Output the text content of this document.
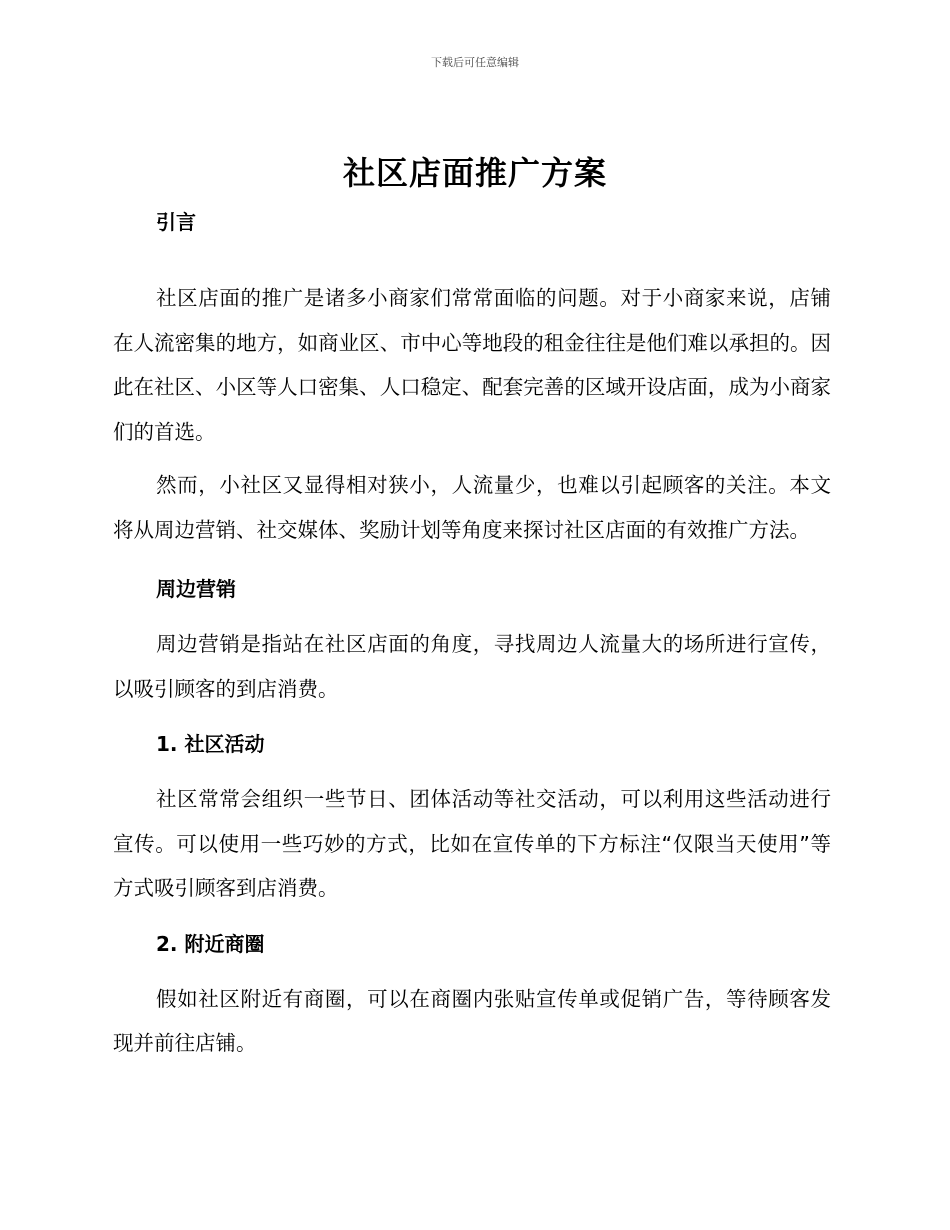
下载后可任意编辑
社区店面推广方案

引言

社区店面的推广是诸多小商家们常常面临的问题。对于小商家来说，店铺在人流密集的地方，如商业区、市中心等地段的租金往往是他们难以承担的。因此在社区、小区等人口密集、人口稳定、配套完善的区域开设店面，成为小商家们的首选。

然而，小社区又显得相对狭小，人流量少，也难以引起顾客的关注。本文将从周边营销、社交媒体、奖励计划等角度来探讨社区店面的有效推广方法。

周边营销

周边营销是指站在社区店面的角度，寻找周边人流量大的场所进行宣传，以吸引顾客的到店消费。

1. 社区活动

社区常常会组织一些节日、团体活动等社交活动，可以利用这些活动进行宣传。可以使用一些巧妙的方式，比如在宣传单的下方标注“仅限当天使用”等方式吸引顾客到店消费。

2. 附近商圈

假如社区附近有商圈，可以在商圈内张贴宣传单或促销广告，等待顾客发现并前往店铺。
